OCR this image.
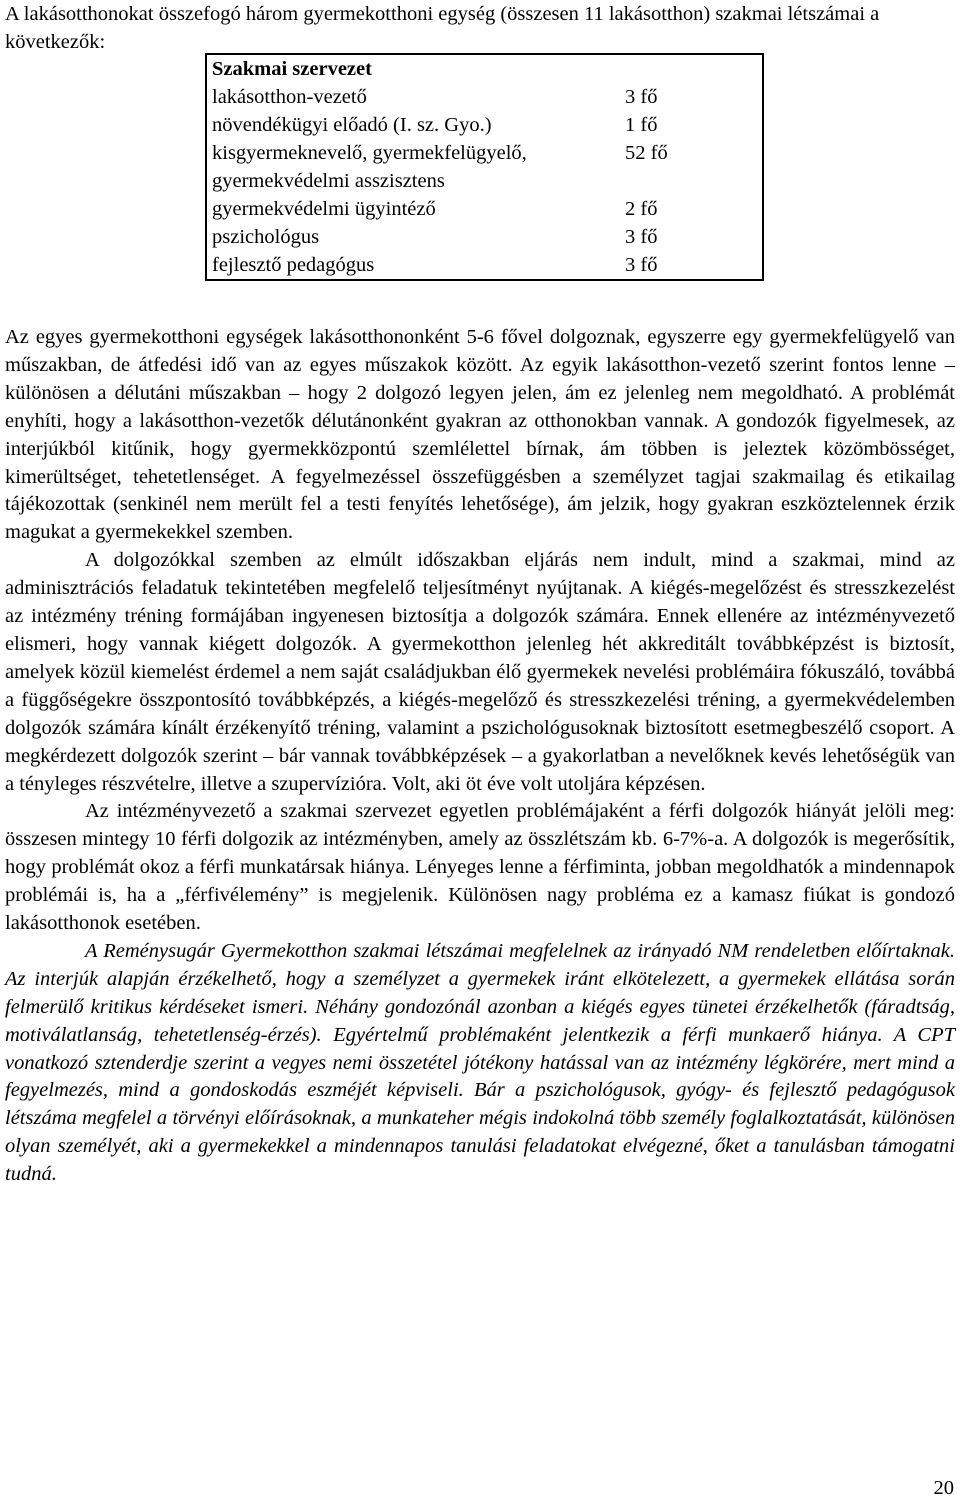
A lakásotthonokat összefogó három gyermekotthoni egység (összesen 11 lakásotthon) szakmai létszámai a következők:

Szakmai szervezet	
lakásotthon-vezető	3 fő
növendékügyi előadó (I. sz. Gyo.)	1 fő
kisgyermeknevelő, gyermekfelügyelő, gyermekvédelmi asszisztens	52 fő
gyermekvédelmi ügyintéző	2 fő
pszichológus	3 fő
fejlesztő pedagógus	3 fő

Az egyes gyermekotthoni egységek lakásotthononként 5-6 fővel dolgoznak, egyszerre egy gyermekfelügyelő van műszakban, de átfedési idő van az egyes műszakok között. Az egyik lakásotthon-vezető szerint fontos lenne – különösen a délutáni műszakban – hogy 2 dolgozó legyen jelen, ám ez jelenleg nem megoldható. A problémát enyhíti, hogy a lakásotthon-vezetők délutánonként gyakran az otthonokban vannak. A gondozók figyelmesek, az interjúkból kitűnik, hogy gyermekközpontú szemlélettel bírnak, ám többen is jeleztek közömbösséget, kimerültséget, tehetetlenséget. A fegyelmezéssel összefüggésben a személyzet tagjai szakmailag és etikailag tájékozottak (senkinél nem merült fel a testi fenyítés lehetősége), ám jelzik, hogy gyakran eszköztelennek érzik magukat a gyermekekkel szemben.

A dolgozókkal szemben az elmúlt időszakban eljárás nem indult, mind a szakmai, mind az adminisztrációs feladatuk tekintetében megfelelő teljesítményt nyújtanak. A kiégés-megelőzést és stresszkezelést az intézmény tréning formájában ingyenesen biztosítja a dolgozók számára. Ennek ellenére az intézményvezető elismeri, hogy vannak kiégett dolgozók. A gyermekotthon jelenleg hét akkreditált továbbképzést is biztosít, amelyek közül kiemelést érdemel a nem saját családjukban élő gyermekek nevelési problémáira fókuszáló, továbbá a függőségekre összpontosító továbbképzés, a kiégés-megelőző és stresszkezelési tréning, a gyermekvédelemben dolgozók számára kínált érzékenyítő tréning, valamint a pszichológusoknak biztosított esetmegbeszélő csoport. A megkérdezett dolgozók szerint – bár vannak továbbképzések – a gyakorlatban a nevelőknek kevés lehetőségük van a tényleges részvételre, illetve a szupervízióra. Volt, aki öt éve volt utoljára képzésen.

Az intézményvezető a szakmai szervezet egyetlen problémájaként a férfi dolgozók hiányát jelöli meg: összesen mintegy 10 férfi dolgozik az intézményben, amely az összlétszám kb. 6-7%-a. A dolgozók is megerősítik, hogy problémát okoz a férfi munkatársak hiánya. Lényeges lenne a férfiminta, jobban megoldhatók a mindennapok problémái is, ha a „férfivélemény” is megjelenik. Különösen nagy probléma ez a kamasz fiúkat is gondozó lakásotthonok esetében.

A Reménysugár Gyermekotthon szakmai létszámai megfelelnek az irányadó NM rendeletben előírtaknak. Az interjúk alapján érzékelhető, hogy a személyzet a gyermekek iránt elkötelezett, a gyermekek ellátása során felmerülő kritikus kérdéseket ismeri. Néhány gondozónál azonban a kiégés egyes tünetei érzékelhetők (fáradtság, motiválatlanság, tehetetlenség-érzés). Egyértelmű problémaként jelentkezik a férfi munkaerő hiánya. A CPT vonatkozó sztenderdje szerint a vegyes nemi összetétel jótékony hatással van az intézmény légkörére, mert mind a fegyelmezés, mind a gondoskodás eszméjét képviseli. Bár a pszichológusok, gyógy- és fejlesztő pedagógusok létszáma megfelel a törvényi előírásoknak, a munkateher mégis indokolná több személy foglalkoztatását, különösen olyan személyét, aki a gyermekekkel a mindennapos tanulási feladatokat elvégezné, őket a tanulásban támogatni tudná.

20
